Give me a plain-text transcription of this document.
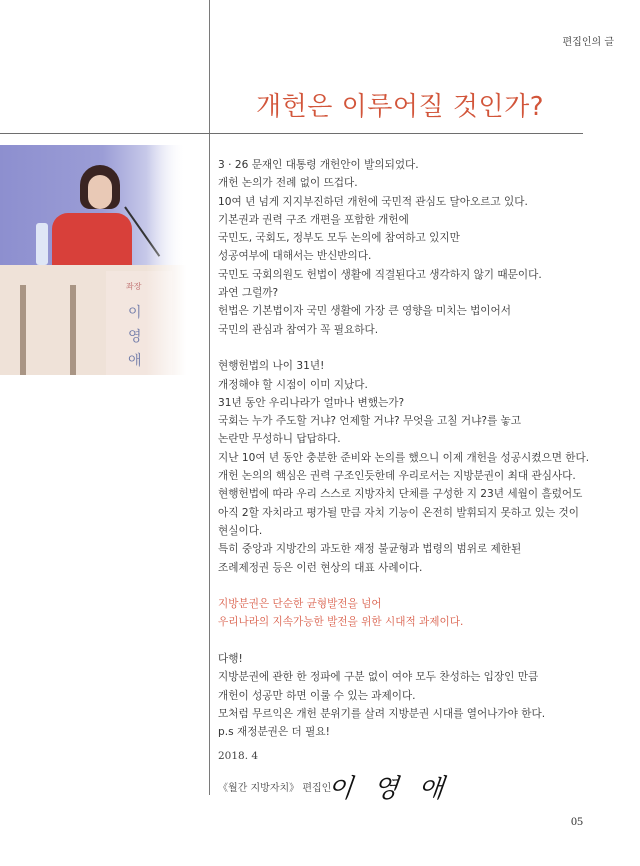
편집인의 글
개헌은 이루어질 것인가?
좌장
이영애

3 · 26 문재인 대통령 개헌안이 발의되었다.

개헌 논의가 전례 없이 뜨겁다.

10여 년 넘게 지지부진하던 개헌에 국민적 관심도 달아오르고 있다.

기본권과 권력 구조 개편을 포함한 개헌에

국민도, 국회도, 정부도 모두 논의에 참여하고 있지만

성공여부에 대해서는 반신반의다.

국민도 국회의원도 헌법이 생활에 직결된다고 생각하지 않기 때문이다.

과연 그럴까?

헌법은 기본법이자 국민 생활에 가장 큰 영향을 미치는 법이어서

국민의 관심과 참여가 꼭 필요하다.

현행헌법의 나이 31년!

개정해야 할 시점이 이미 지났다.

31년 동안 우리나라가 얼마나 변했는가?

국회는 누가 주도할 거냐? 언제할 거냐? 무엇을 고칠 거냐?를 놓고

논란만 무성하니 답답하다.

지난 10여 년 동안 충분한 준비와 논의를 했으니 이제 개헌을 성공시켰으면 한다.

개헌 논의의 핵심은 권력 구조인듯한데 우리로서는 지방분권이 최대 관심사다.

현행헌법에 따라 우리 스스로 지방자치 단체를 구성한 지 23년 세월이 흘렀어도

아직 2할 자치라고 평가될 만큼 자치 기능이 온전히 발휘되지 못하고 있는 것이

현실이다.

특히 중앙과 지방간의 과도한 재정 불균형과 법령의 범위로 제한된

조례제정권 등은 이런 현상의 대표 사례이다.

지방분권은 단순한 균형발전을 넘어

우리나라의 지속가능한 발전을 위한 시대적 과제이다.

다행!

지방분권에 관한 한 정파에 구분 없이 여야 모두 찬성하는 입장인 만큼

개헌이 성공만 하면 이룰 수 있는 과제이다.

모처럼 무르익은 개헌 분위기를 살려 지방분권 시대를 열어나가야 한다.

p.s 재정분권은 더 필요!

2018. 4
《월간 지방자치》 편집인
이 영 애
05
